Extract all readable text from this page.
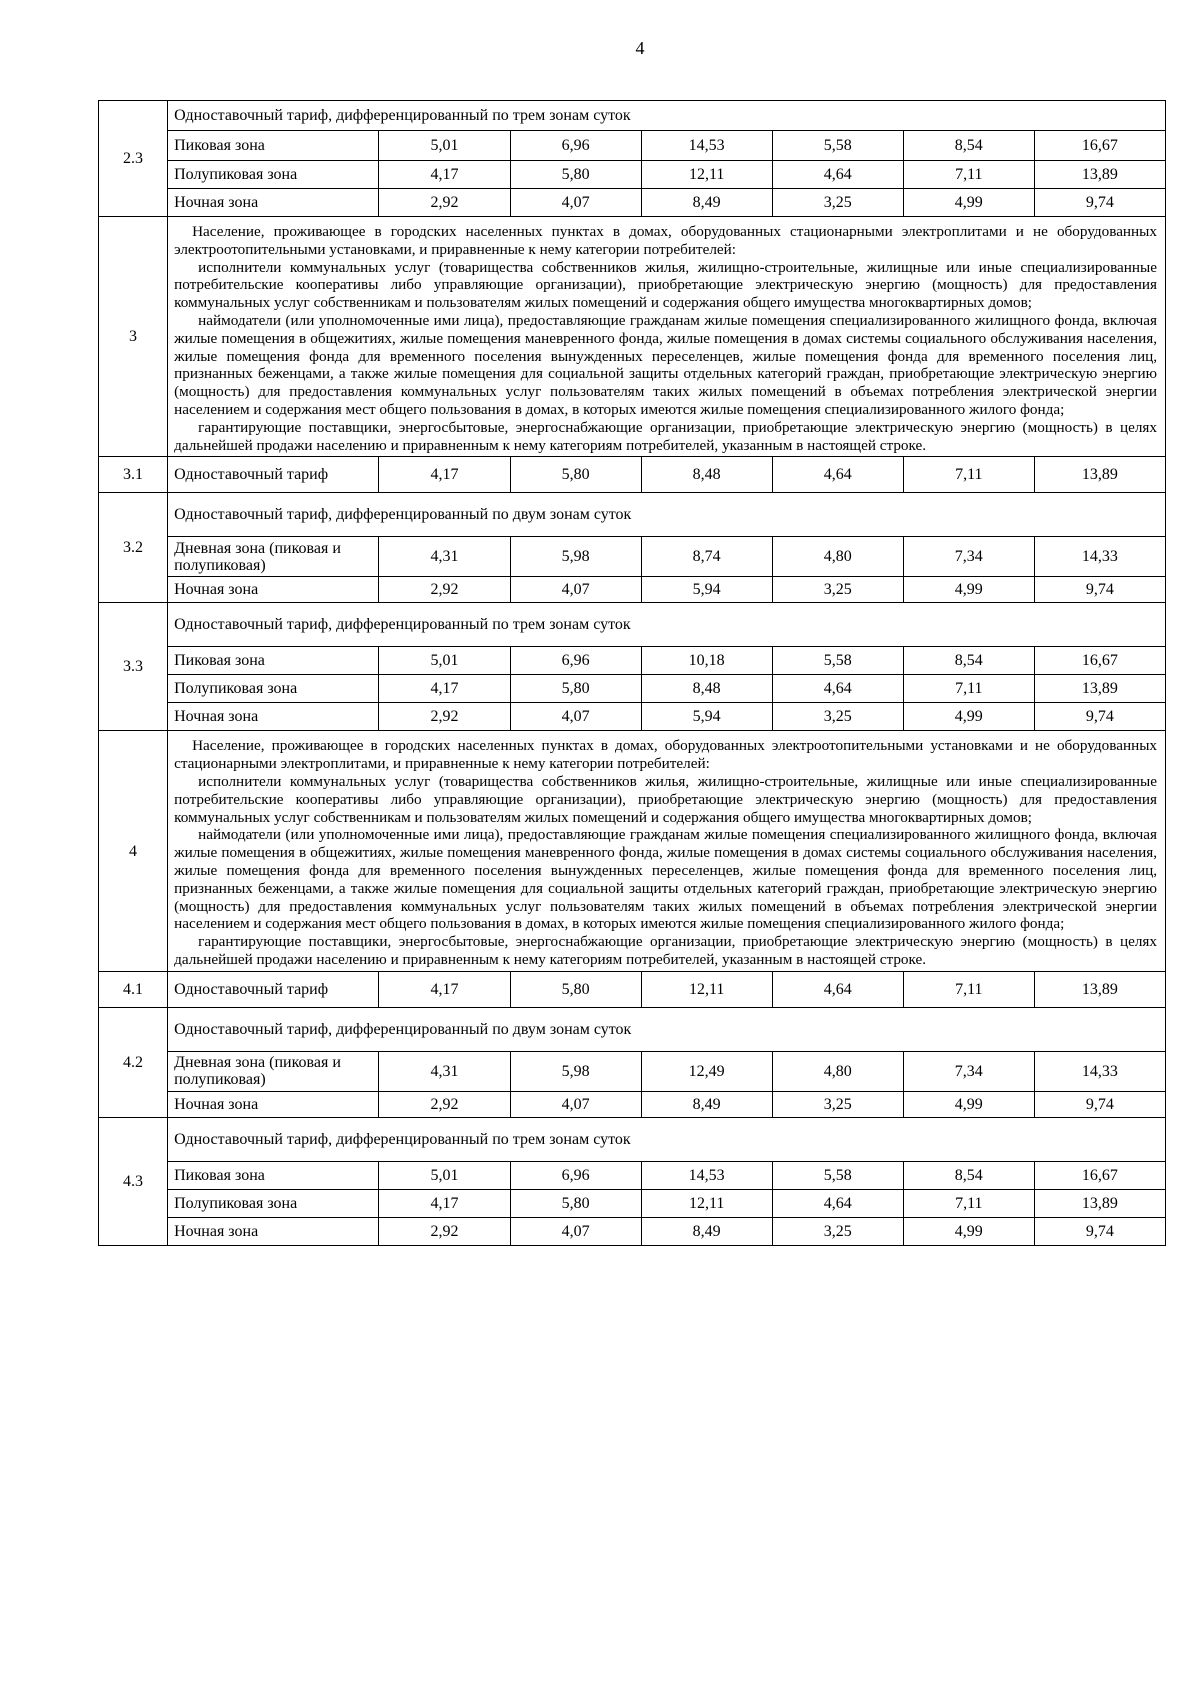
4
2.3	Одноставочный тариф, дифференцированный по трем зонам суток						
	Пиковая зона	5,01	6,96	14,53	5,58	8,54	16,67
	Полупиковая зона	4,17	5,80	12,11	4,64	7,11	13,89
	Ночная зона	2,92	4,07	8,49	3,25	4,99	9,74
3	Население, проживающее в городских населенных пунктах в домах, оборудованных стационарными электроплитами и не оборудованных электроотопительными установками, и приравненные к нему категории потребителей:

исполнители коммунальных услуг (товарищества собственников жилья, жилищно-строительные, жилищные или иные специализированные потребительские кооперативы либо управляющие организации), приобретающие электрическую энергию (мощность) для предоставления коммунальных услуг собственникам и пользователям жилых помещений и содержания общего имущества многоквартирных домов;

наймодатели (или уполномоченные ими лица), предоставляющие гражданам жилые помещения специализированного жилищного фонда, включая жилые помещения в общежитиях, жилые помещения маневренного фонда, жилые помещения в домах системы социального обслуживания населения, жилые помещения фонда для временного поселения вынужденных переселенцев, жилые помещения фонда для временного поселения лиц, признанных беженцами, а также жилые помещения для социальной защиты отдельных категорий граждан, приобретающие электрическую энергию (мощность) для предоставления коммунальных услуг пользователям таких жилых помещений в объемах потребления электрической энергии населением и содержания мест общего пользования в домах, в которых имеются жилые помещения специализированного жилого фонда;

гарантирующие поставщики, энергосбытовые, энергоснабжающие организации, приобретающие электрическую энергию (мощность) в целях дальнейшей продажи населению и приравненным к нему категориям потребителей, указанным в настоящей строке.						

3.1	Одноставочный тариф	4,17	5,80	8,48	4,64	7,11	13,89
3.2	Одноставочный тариф, дифференцированный по двум зонам суток						
	Дневная зона (пиковая и полупиковая)	4,31	5,98	8,74	4,80	7,34	14,33
	Ночная зона	2,92	4,07	5,94	3,25	4,99	9,74
3.3	Одноставочный тариф, дифференцированный по трем зонам суток						
	Пиковая зона	5,01	6,96	10,18	5,58	8,54	16,67
	Полупиковая зона	4,17	5,80	8,48	4,64	7,11	13,89
	Ночная зона	2,92	4,07	5,94	3,25	4,99	9,74
4	Население, проживающее в городских населенных пунктах в домах, оборудованных электроотопительными установками и не оборудованных стационарными электроплитами, и приравненные к нему категории потребителей:

исполнители коммунальных услуг (товарищества собственников жилья, жилищно-строительные, жилищные или иные специализированные потребительские кооперативы либо управляющие организации), приобретающие электрическую энергию (мощность) для предоставления коммунальных услуг собственникам и пользователям жилых помещений и содержания общего имущества многоквартирных домов;

наймодатели (или уполномоченные ими лица), предоставляющие гражданам жилые помещения специализированного жилищного фонда, включая жилые помещения в общежитиях, жилые помещения маневренного фонда, жилые помещения в домах системы социального обслуживания населения, жилые помещения фонда для временного поселения вынужденных переселенцев, жилые помещения фонда для временного поселения лиц, признанных беженцами, а также жилые помещения для социальной защиты отдельных категорий граждан, приобретающие электрическую энергию (мощность) для предоставления коммунальных услуг пользователям таких жилых помещений в объемах потребления электрической энергии населением и содержания мест общего пользования в домах, в которых имеются жилые помещения специализированного жилого фонда;

гарантирующие поставщики, энергосбытовые, энергоснабжающие организации, приобретающие электрическую энергию (мощность) в целях дальнейшей продажи населению и приравненным к нему категориям потребителей, указанным в настоящей строке.						

4.1	Одноставочный тариф	4,17	5,80	12,11	4,64	7,11	13,89
4.2	Одноставочный тариф, дифференцированный по двум зонам суток						
	Дневная зона (пиковая и полупиковая)	4,31	5,98	12,49	4,80	7,34	14,33
	Ночная зона	2,92	4,07	8,49	3,25	4,99	9,74
4.3	Одноставочный тариф, дифференцированный по трем зонам суток						
	Пиковая зона	5,01	6,96	14,53	5,58	8,54	16,67
	Полупиковая зона	4,17	5,80	12,11	4,64	7,11	13,89
	Ночная зона	2,92	4,07	8,49	3,25	4,99	9,74
